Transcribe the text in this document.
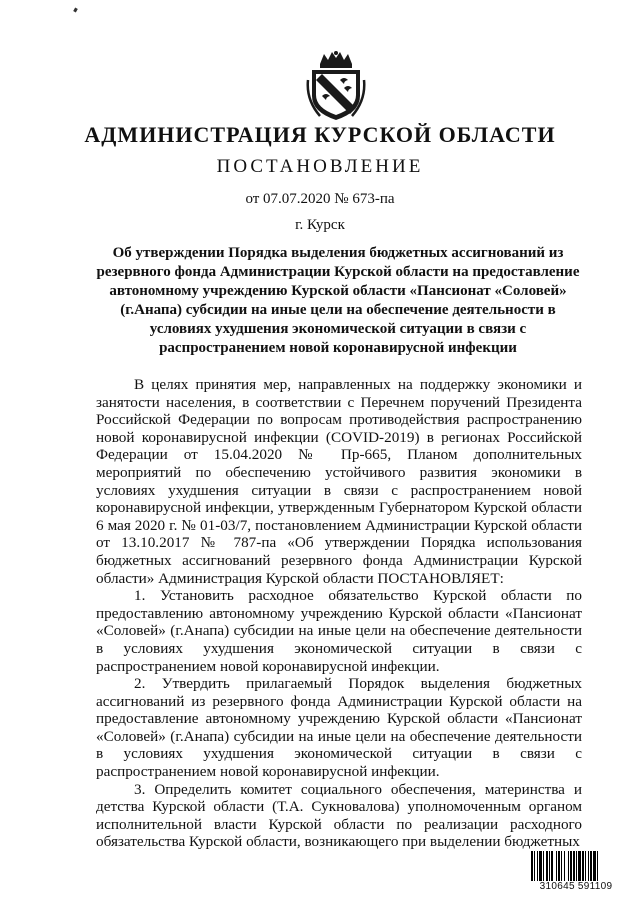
АДМИНИСТРАЦИЯ КУРСКОЙ ОБЛАСТИ
ПОСТАНОВЛЕНИЕ
от 07.07.2020 № 673-па
г. Курск
Об утверждении Порядка выделения бюджетных ассигнований из резервного фонда Администрации Курской области на предоставление автономному учреждению Курской области «Пансионат «Соловей» (г.Анапа) субсидии на иные цели на обеспечение деятельности в условиях ухудшения экономической ситуации в связи с распространением новой коронавирусной инфекции

В целях принятия мер, направленных на поддержку экономики и занятости населения, в соответствии с Перечнем поручений Президента Российской Федерации по вопросам противодействия распространению новой коронавирусной инфекции (COVID-2019) в регионах Российской Федерации от 15.04.2020 № Пр-665, Планом дополнительных мероприятий по обеспечению устойчивого развития экономики в условиях ухудшения ситуации в связи с распространением новой коронавирусной инфекции, утвержденным Губернатором Курской области 6 мая 2020 г. № 01-03/7, постановлением Администрации Курской области от 13.10.2017 № 787-па «Об утверждении Порядка использования бюджетных ассигнований резервного фонда Администрации Курской области» Администрация Курской области ПОСТАНОВЛЯЕТ:

1. Установить расходное обязательство Курской области по предоставлению автономному учреждению Курской области «Пансионат «Соловей» (г.Анапа) субсидии на иные цели на обеспечение деятельности в условиях ухудшения экономической ситуации в связи с распространением новой коронавирусной инфекции.

2. Утвердить прилагаемый Порядок выделения бюджетных ассигнований из резервного фонда Администрации Курской области на предоставление автономному учреждению Курской области «Пансионат «Соловей» (г.Анапа) субсидии на иные цели на обеспечение деятельности в условиях ухудшения экономической ситуации в связи с распространением новой коронавирусной инфекции.

3. Определить комитет социального обеспечения, материнства и детства Курской области (Т.А. Сукновалова) уполномоченным органом исполнительной власти Курской области по реализации расходного обязательства Курской области, возникающего при выделении бюджетных

310645 591109
